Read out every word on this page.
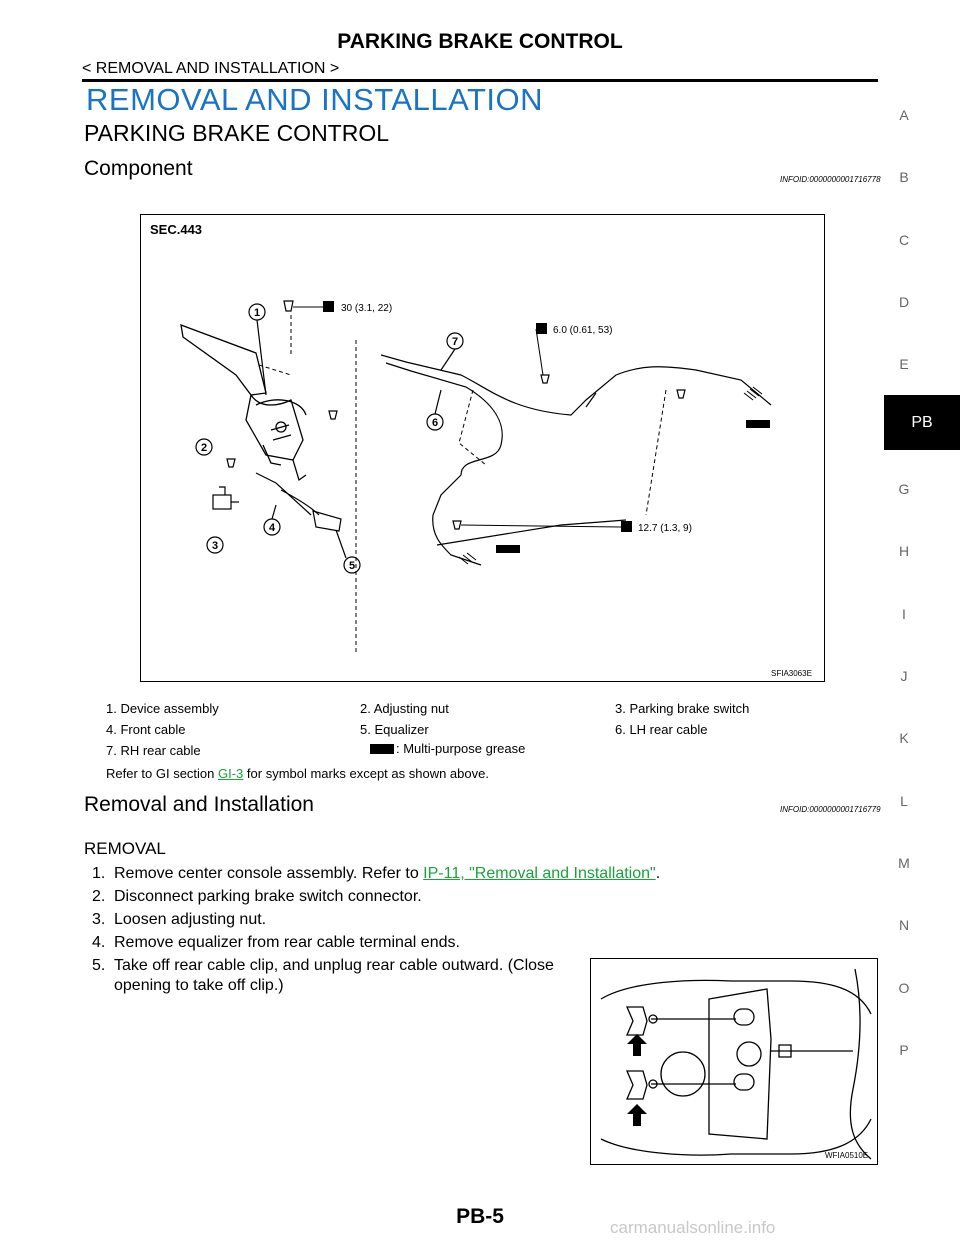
PARKING BRAKE CONTROL
< REMOVAL AND INSTALLATION >
REMOVAL AND INSTALLATION
PARKING BRAKE CONTROL
Component	INFOID:0000000001716778
1
2
3
4
5
6
7
30 (3.1, 22)
6.0 (0.61, 53)
12.7 (1.3, 9)
SEC.443
SFIA3063E
1. Device assembly	2. Adjusting nut	3. Parking brake switch
4. Front cable	5. Equalizer	6. LH rear cable
7. RH rear cable	: Multi-purpose grease
Refer to GI section GI-3 for symbol marks except as shown above.
Removal and Installation	INFOID:0000000001716779
REMOVAL
1. Remove center console assembly. Refer to IP-11, "Removal and Installation".
2. Disconnect parking brake switch connector.
3. Loosen adjusting nut.
4. Remove equalizer from rear cable terminal ends.
5. Take off rear cable clip, and unplug rear cable outward. (Close
opening to take off clip.)
WFIA0510E
PB-5	carmanualsonline.info
A
B
C
D
E
PB
G
H
I
J
K
L
M
N
O
P
